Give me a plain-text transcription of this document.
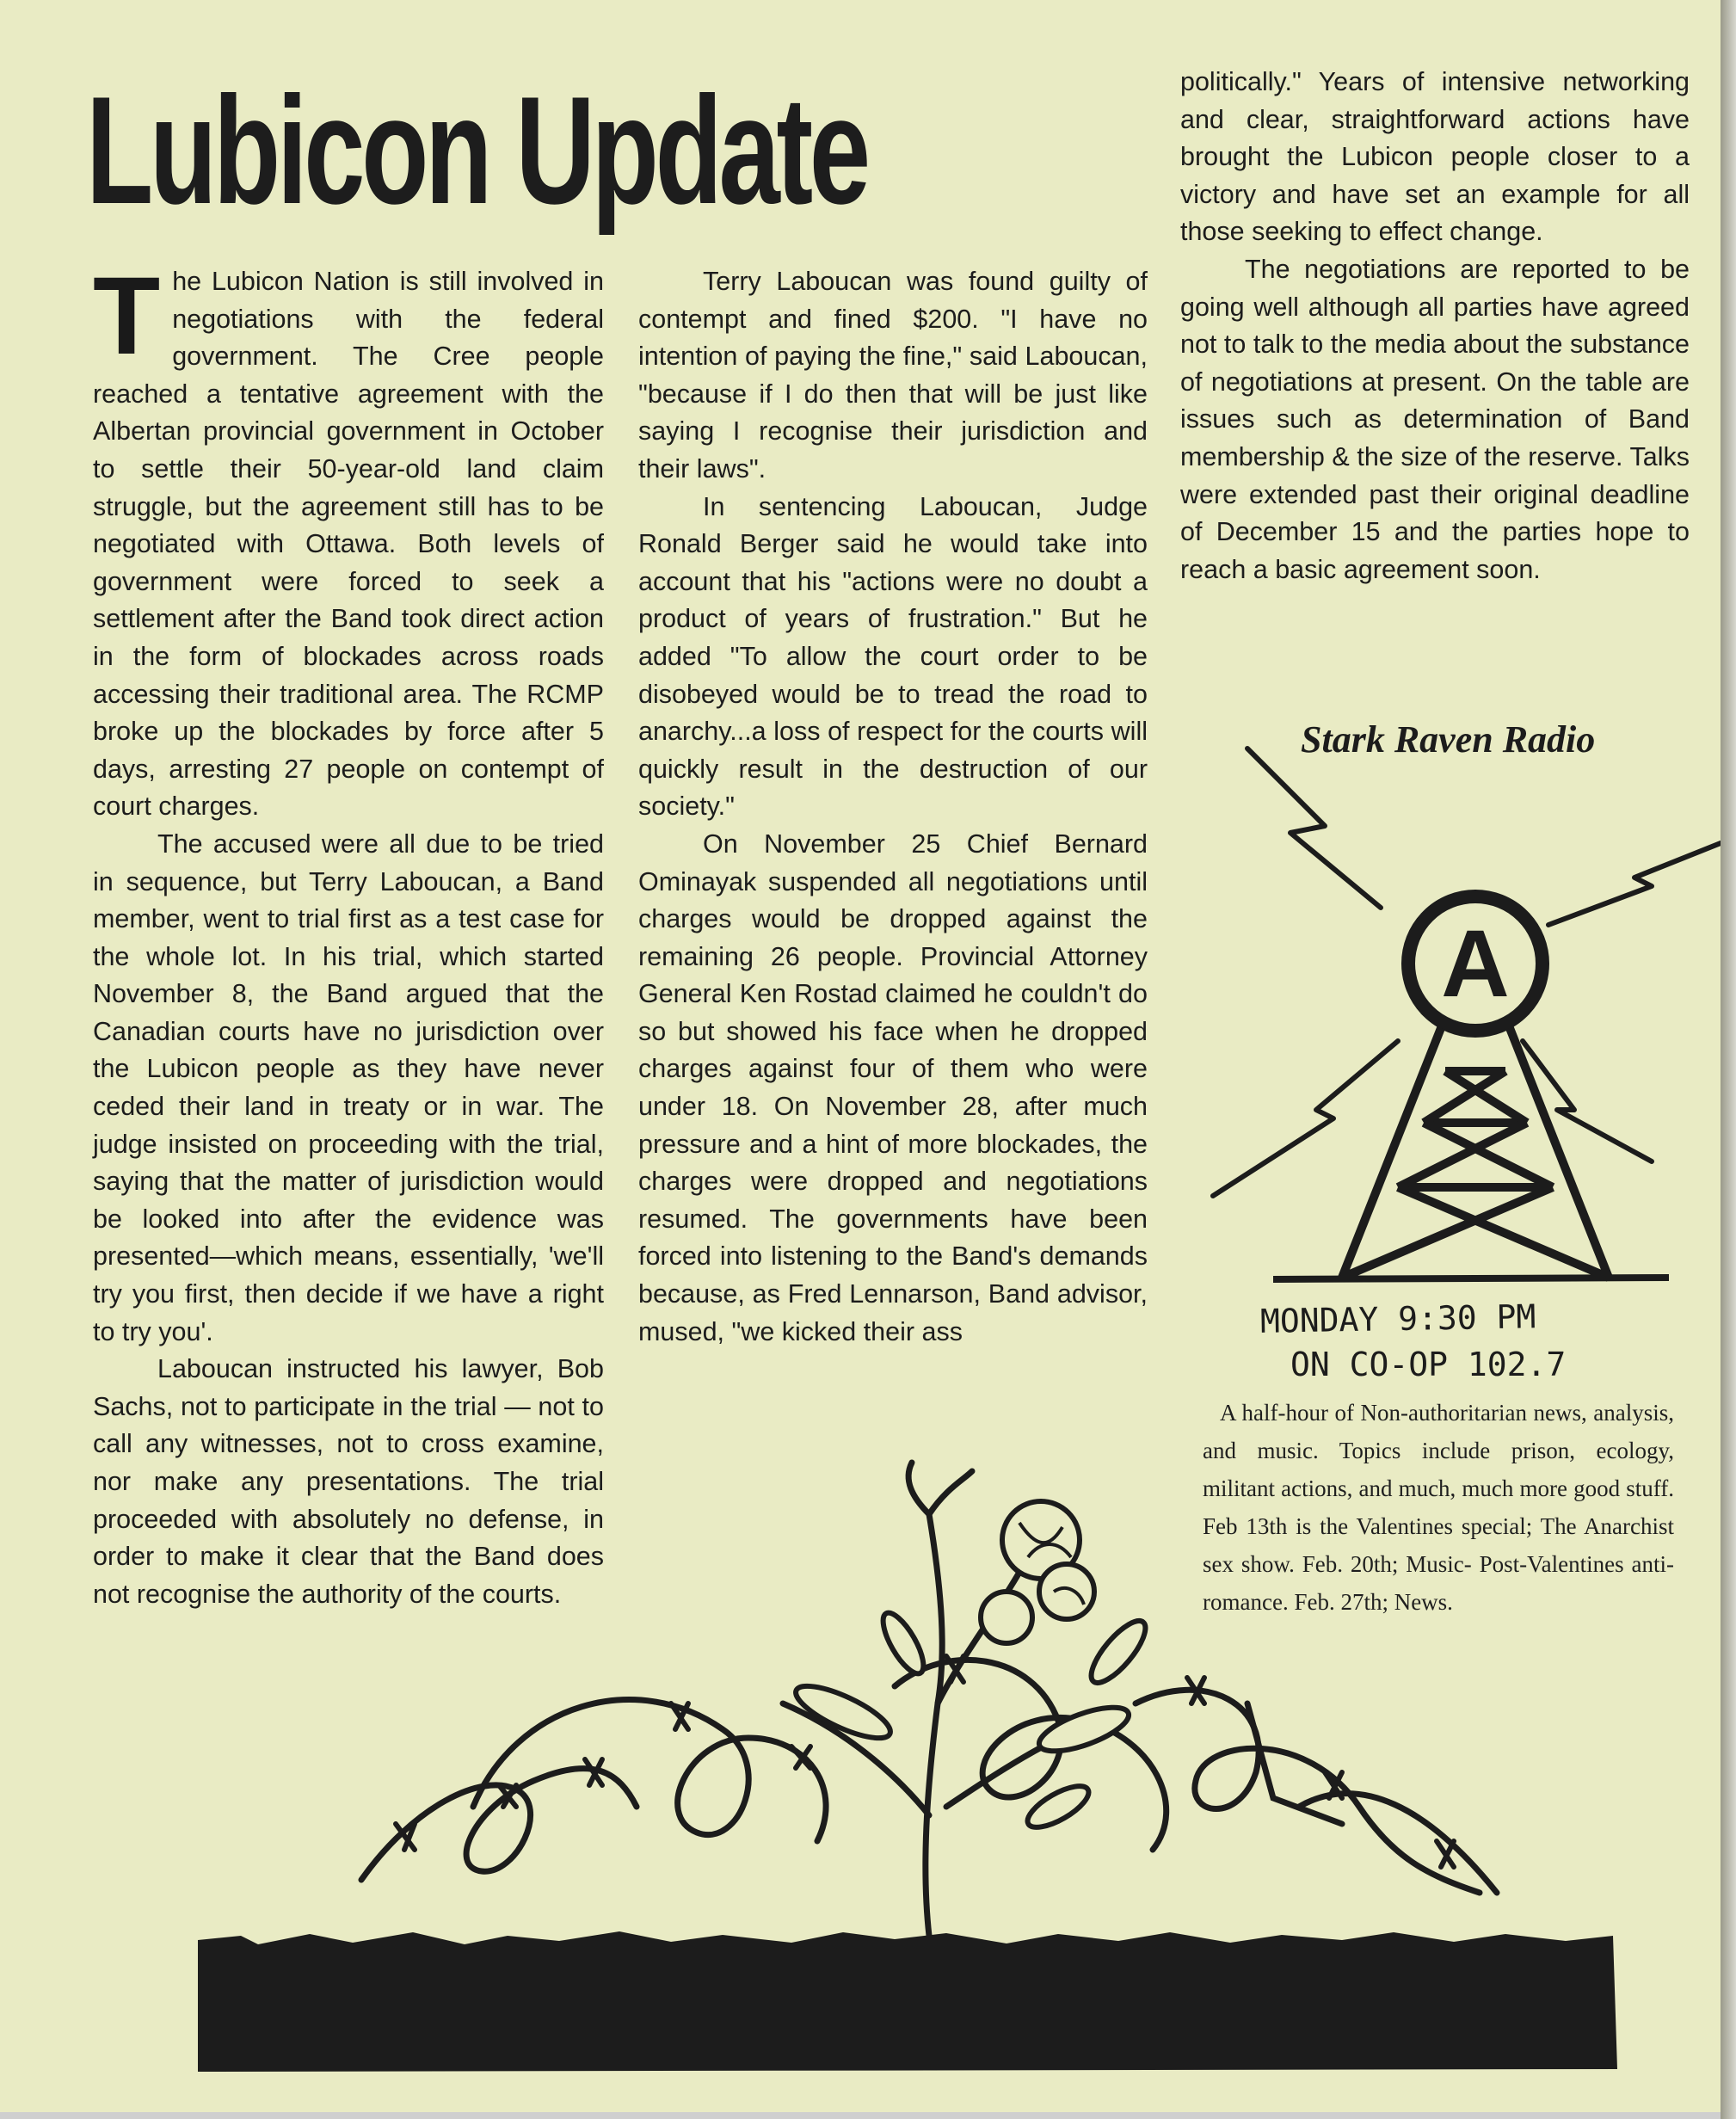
Lubicon Update

The Lubicon Nation is still involved in negotiations with the federal government. The Cree people reached a tentative agreement with the Albertan provincial government in October to settle their 50-year-old land claim struggle, but the agreement still has to be negotiated with Ottawa. Both levels of government were forced to seek a settlement after the Band took direct action in the form of blockades across roads accessing their traditional area. The RCMP broke up the blockades by force after 5 days, arresting 27 people on contempt of court charges.

The accused were all due to be tried in sequence, but Terry Laboucan, a Band member, went to trial first as a test case for the whole lot. In his trial, which started November 8, the Band argued that the Canadian courts have no jurisdiction over the Lubicon people as they have never ceded their land in treaty or in war. The judge insisted on proceeding with the trial, saying that the matter of jurisdiction would be looked into after the evidence was presented—which means, essentially, 'we'll try you first, then decide if we have a right to try you'.

Laboucan instructed his lawyer, Bob Sachs, not to participate in the trial — not to call any witnesses, not to cross examine, nor make any presentations. The trial proceeded with absolutely no defense, in order to make it clear that the Band does not recognise the authority of the courts.

Terry Laboucan was found guilty of contempt and fined $200. "I have no intention of paying the fine," said Laboucan, "because if I do then that will be just like saying I recognise their jurisdiction and their laws".

In sentencing Laboucan, Judge Ronald Berger said he would take into account that his "actions were no doubt a product of years of frustration." But he added "To allow the court order to be disobeyed would be to tread the road to anarchy...a loss of respect for the courts will quickly result in the destruction of our society."

On November 25 Chief Bernard Ominayak suspended all negotiations until charges would be dropped against the remaining 26 people. Provincial Attorney General Ken Rostad claimed he couldn't do so but showed his face when he dropped charges against four of them who were under 18. On November 28, after much pressure and a hint of more blockades, the charges were dropped and negotiations resumed. The governments have been forced into listening to the Band's demands because, as Fred Lennarson, Band advisor, mused, "we kicked their ass

politically." Years of intensive networking and clear, straightforward actions have brought the Lubicon people closer to a victory and have set an example for all those seeking to effect change.

The negotiations are reported to be going well although all parties have agreed not to talk to the media about the substance of negotiations at present. On the table are issues such as determination of Band membership & the size of the reserve. Talks were extended past their original deadline of December 15 and the parties hope to reach a basic agreement soon.

A
Stark Raven Radio
MONDAY 9:30 PM
ON CO-OP 102.7

A half-hour of Non-authoritarian news, analysis, and music. Topics include prison, ecology, militant actions, and much, much more good stuff. Feb 13th is the Valentines special; The Anarchist sex show. Feb. 20th; Music- Post-Valentines anti-romance. Feb. 27th; News.
